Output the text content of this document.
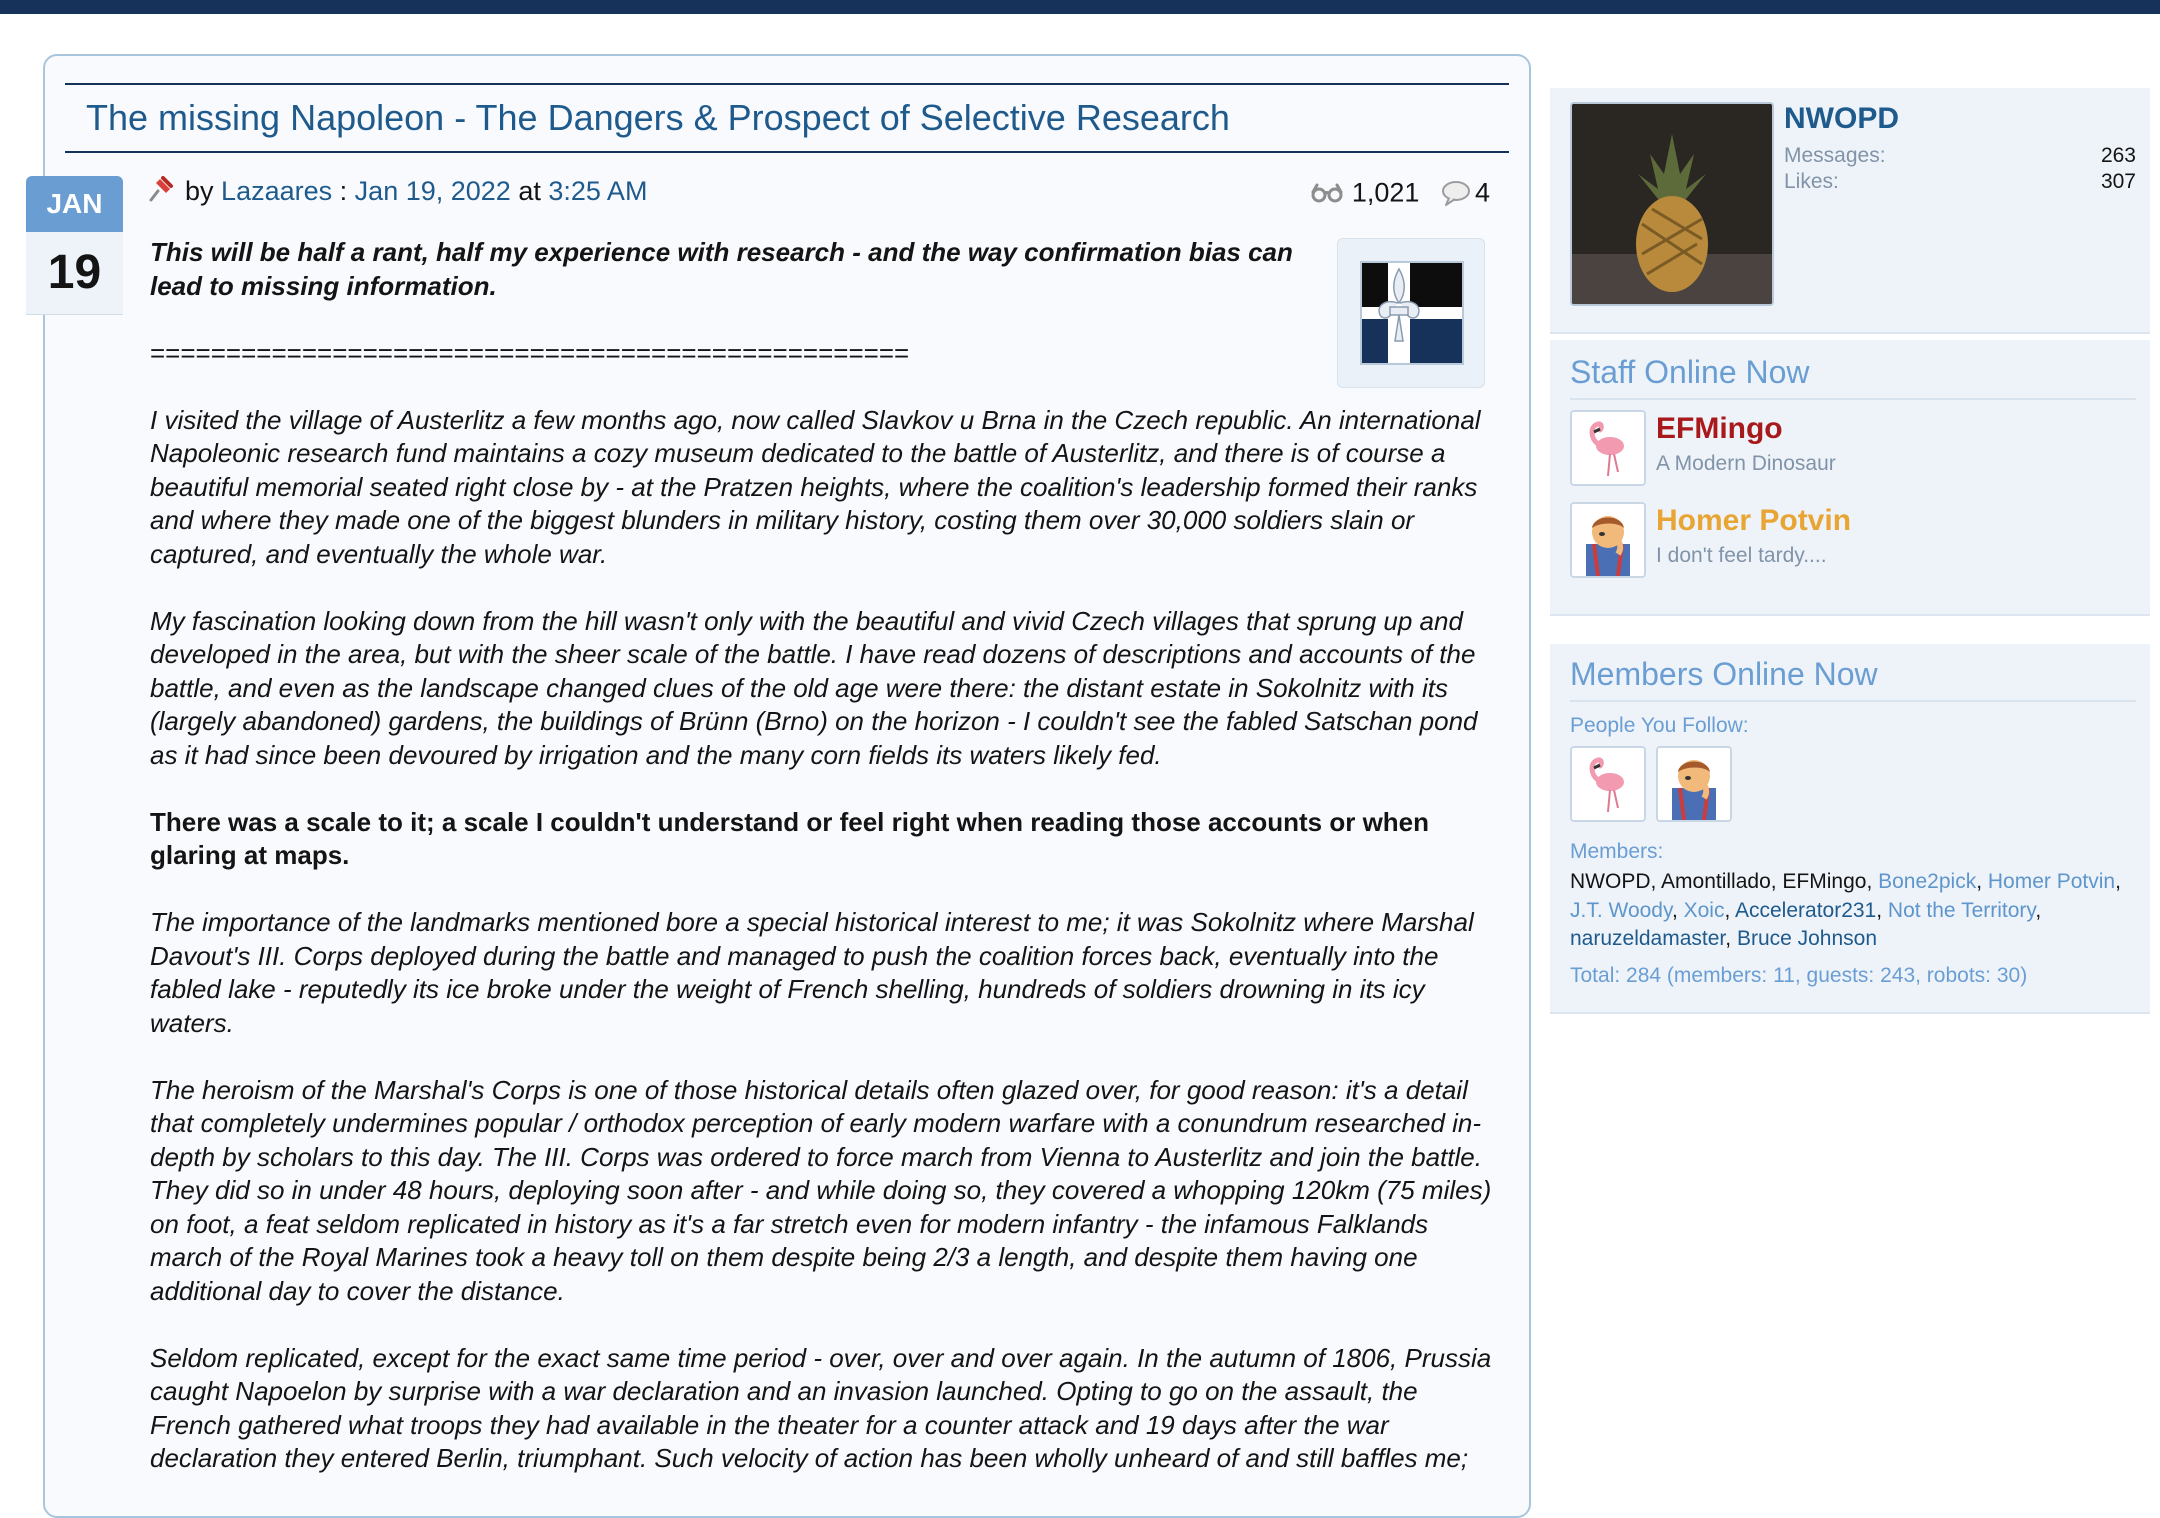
The missing Napoleon - The Dangers & Prospect of Selective Research
JAN
19
by Lazaares : Jan 19, 2022 at 3:25 AM	1,021 4

This will be half a rant, half my experience with research - and the way confirmation bias can lead to missing information.

==================================================

I visited the village of Austerlitz a few months ago, now called Slavkov u Brna in the Czech republic. An international Napoleonic research fund maintains a cozy museum dedicated to the battle of Austerlitz, and there is of course a beautiful memorial seated right close by - at the Pratzen heights, where the coalition's leadership formed their ranks and where they made one of the biggest blunders in military history, costing them over 30,000 soldiers slain or captured, and eventually the whole war.

My fascination looking down from the hill wasn't only with the beautiful and vivid Czech villages that sprung up and developed in the area, but with the sheer scale of the battle. I have read dozens of descriptions and accounts of the battle, and even as the landscape changed clues of the old age were there: the distant estate in Sokolnitz with its (largely abandoned) gardens, the buildings of Brünn (Brno) on the horizon - I couldn't see the fabled Satschan pond as it had since been devoured by irrigation and the many corn fields its waters likely fed.

There was a scale to it; a scale I couldn't understand or feel right when reading those accounts or when glaring at maps.

The importance of the landmarks mentioned bore a special historical interest to me; it was Sokolnitz where Marshal Davout's III. Corps deployed during the battle and managed to push the coalition forces back, eventually into the fabled lake - reputedly its ice broke under the weight of French shelling, hundreds of soldiers drowning in its icy waters.

The heroism of the Marshal's Corps is one of those historical details often glazed over, for good reason: it's a detail that completely undermines popular / orthodox perception of early modern warfare with a conundrum researched in-depth by scholars to this day. The III. Corps was ordered to force march from Vienna to Austerlitz and join the battle. They did so in under 48 hours, deploying soon after - and while doing so, they covered a whopping 120km (75 miles) on foot, a feat seldom replicated in history as it's a far stretch even for modern infantry - the infamous Falklands march of the Royal Marines took a heavy toll on them despite being 2/3 a length, and despite them having one additional day to cover the distance.

Seldom replicated, except for the exact same time period - over, over and over again. In the autumn of 1806, Prussia caught Napoelon by surprise with a war declaration and an invasion launched. Opting to go on the assault, the French gathered what troops they had available in the theater for a counter attack and 19 days after the war declaration they entered Berlin, triumphant. Such velocity of action has been wholly unheard of and still baffles me;

NWOPD
Messages:	263
Likes:	307
Staff Online Now
EFMingo
A Modern Dinosaur
Homer Potvin
I don't feel tardy....
Members Online Now
People You Follow:
Members:
NWOPD, Amontillado, EFMingo, Bone2pick, Homer Potvin, J.T. Woody, Xoic, Accelerator231, Not the Territory, naruzeldamaster, Bruce Johnson
Total: 284 (members: 11, guests: 243, robots: 30)
